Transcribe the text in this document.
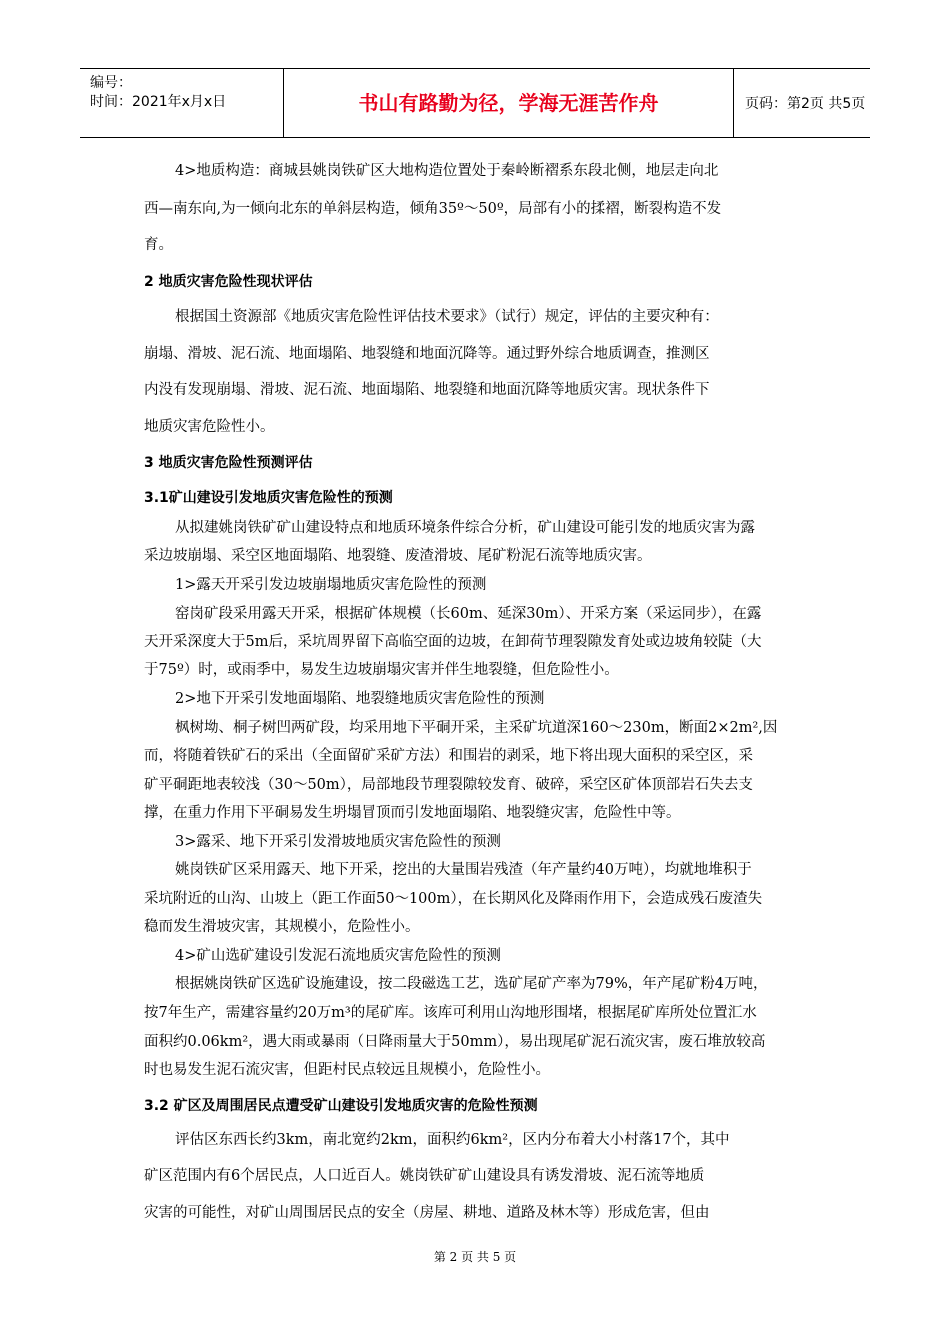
编号：
时间：2021年x月x日	书山有路勤为径，学海无涯苦作舟	页码：第2页 共5页
4>地质构造：商城县姚岗铁矿区大地构造位置处于秦岭断褶系东段北侧，地层走向北
西—南东向,为一倾向北东的单斜层构造，倾角35º～50º，局部有小的揉褶，断裂构造不发
育。
2 地质灾害危险性现状评估
根据国土资源部《地质灾害危险性评估技术要求》（试行）规定，评估的主要灾种有：
崩塌、滑坡、泥石流、地面塌陷、地裂缝和地面沉降等。通过野外综合地质调查，推测区
内没有发现崩塌、滑坡、泥石流、地面塌陷、地裂缝和地面沉降等地质灾害。现状条件下
地质灾害危险性小。
3 地质灾害危险性预测评估
3.1矿山建设引发地质灾害危险性的预测
从拟建姚岗铁矿矿山建设特点和地质环境条件综合分析，矿山建设可能引发的地质灾害为露
采边坡崩塌、采空区地面塌陷、地裂缝、废渣滑坡、尾矿粉泥石流等地质灾害。
1>露天开采引发边坡崩塌地质灾害危险性的预测
窑岗矿段采用露天开采，根据矿体规模（长60m、延深30m）、开采方案（采运同步），在露
天开采深度大于5m后，采坑周界留下高临空面的边坡，在卸荷节理裂隙发育处或边坡角较陡（大
于75º）时，或雨季中，易发生边坡崩塌灾害并伴生地裂缝，但危险性小。
2>地下开采引发地面塌陷、地裂缝地质灾害危险性的预测
枫树坳、桐子树凹两矿段，均采用地下平硐开采，主采矿坑道深160～230m，断面2×2m²,因
而，将随着铁矿石的采出（全面留矿采矿方法）和围岩的剥采，地下将出现大面积的采空区，采
矿平硐距地表较浅（30～50m），局部地段节理裂隙较发育、破碎，采空区矿体顶部岩石失去支
撑，在重力作用下平硐易发生坍塌冒顶而引发地面塌陷、地裂缝灾害，危险性中等。
3>露采、地下开采引发滑坡地质灾害危险性的预测
姚岗铁矿区采用露天、地下开采，挖出的大量围岩残渣（年产量约40万吨），均就地堆积于
采坑附近的山沟、山坡上（距工作面50～100m），在长期风化及降雨作用下，会造成残石废渣失
稳而发生滑坡灾害，其规模小，危险性小。
4>矿山选矿建设引发泥石流地质灾害危险性的预测
根据姚岗铁矿区选矿设施建设，按二段磁选工艺，选矿尾矿产率为79%，年产尾矿粉4万吨，
按7年生产，需建容量约20万m³的尾矿库。该库可利用山沟地形围堵，根据尾矿库所处位置汇水
面积约0.06km²，遇大雨或暴雨（日降雨量大于50mm），易出现尾矿泥石流灾害，废石堆放较高
时也易发生泥石流灾害，但距村民点较远且规模小，危险性小。
3.2 矿区及周围居民点遭受矿山建设引发地质灾害的危险性预测
评估区东西长约3km，南北宽约2km，面积约6km²，区内分布着大小村落17个，其中
矿区范围内有6个居民点，人口近百人。姚岗铁矿矿山建设具有诱发滑坡、泥石流等地质
灾害的可能性，对矿山周围居民点的安全（房屋、耕地、道路及林木等）形成危害，但由
第 2 页 共 5 页
